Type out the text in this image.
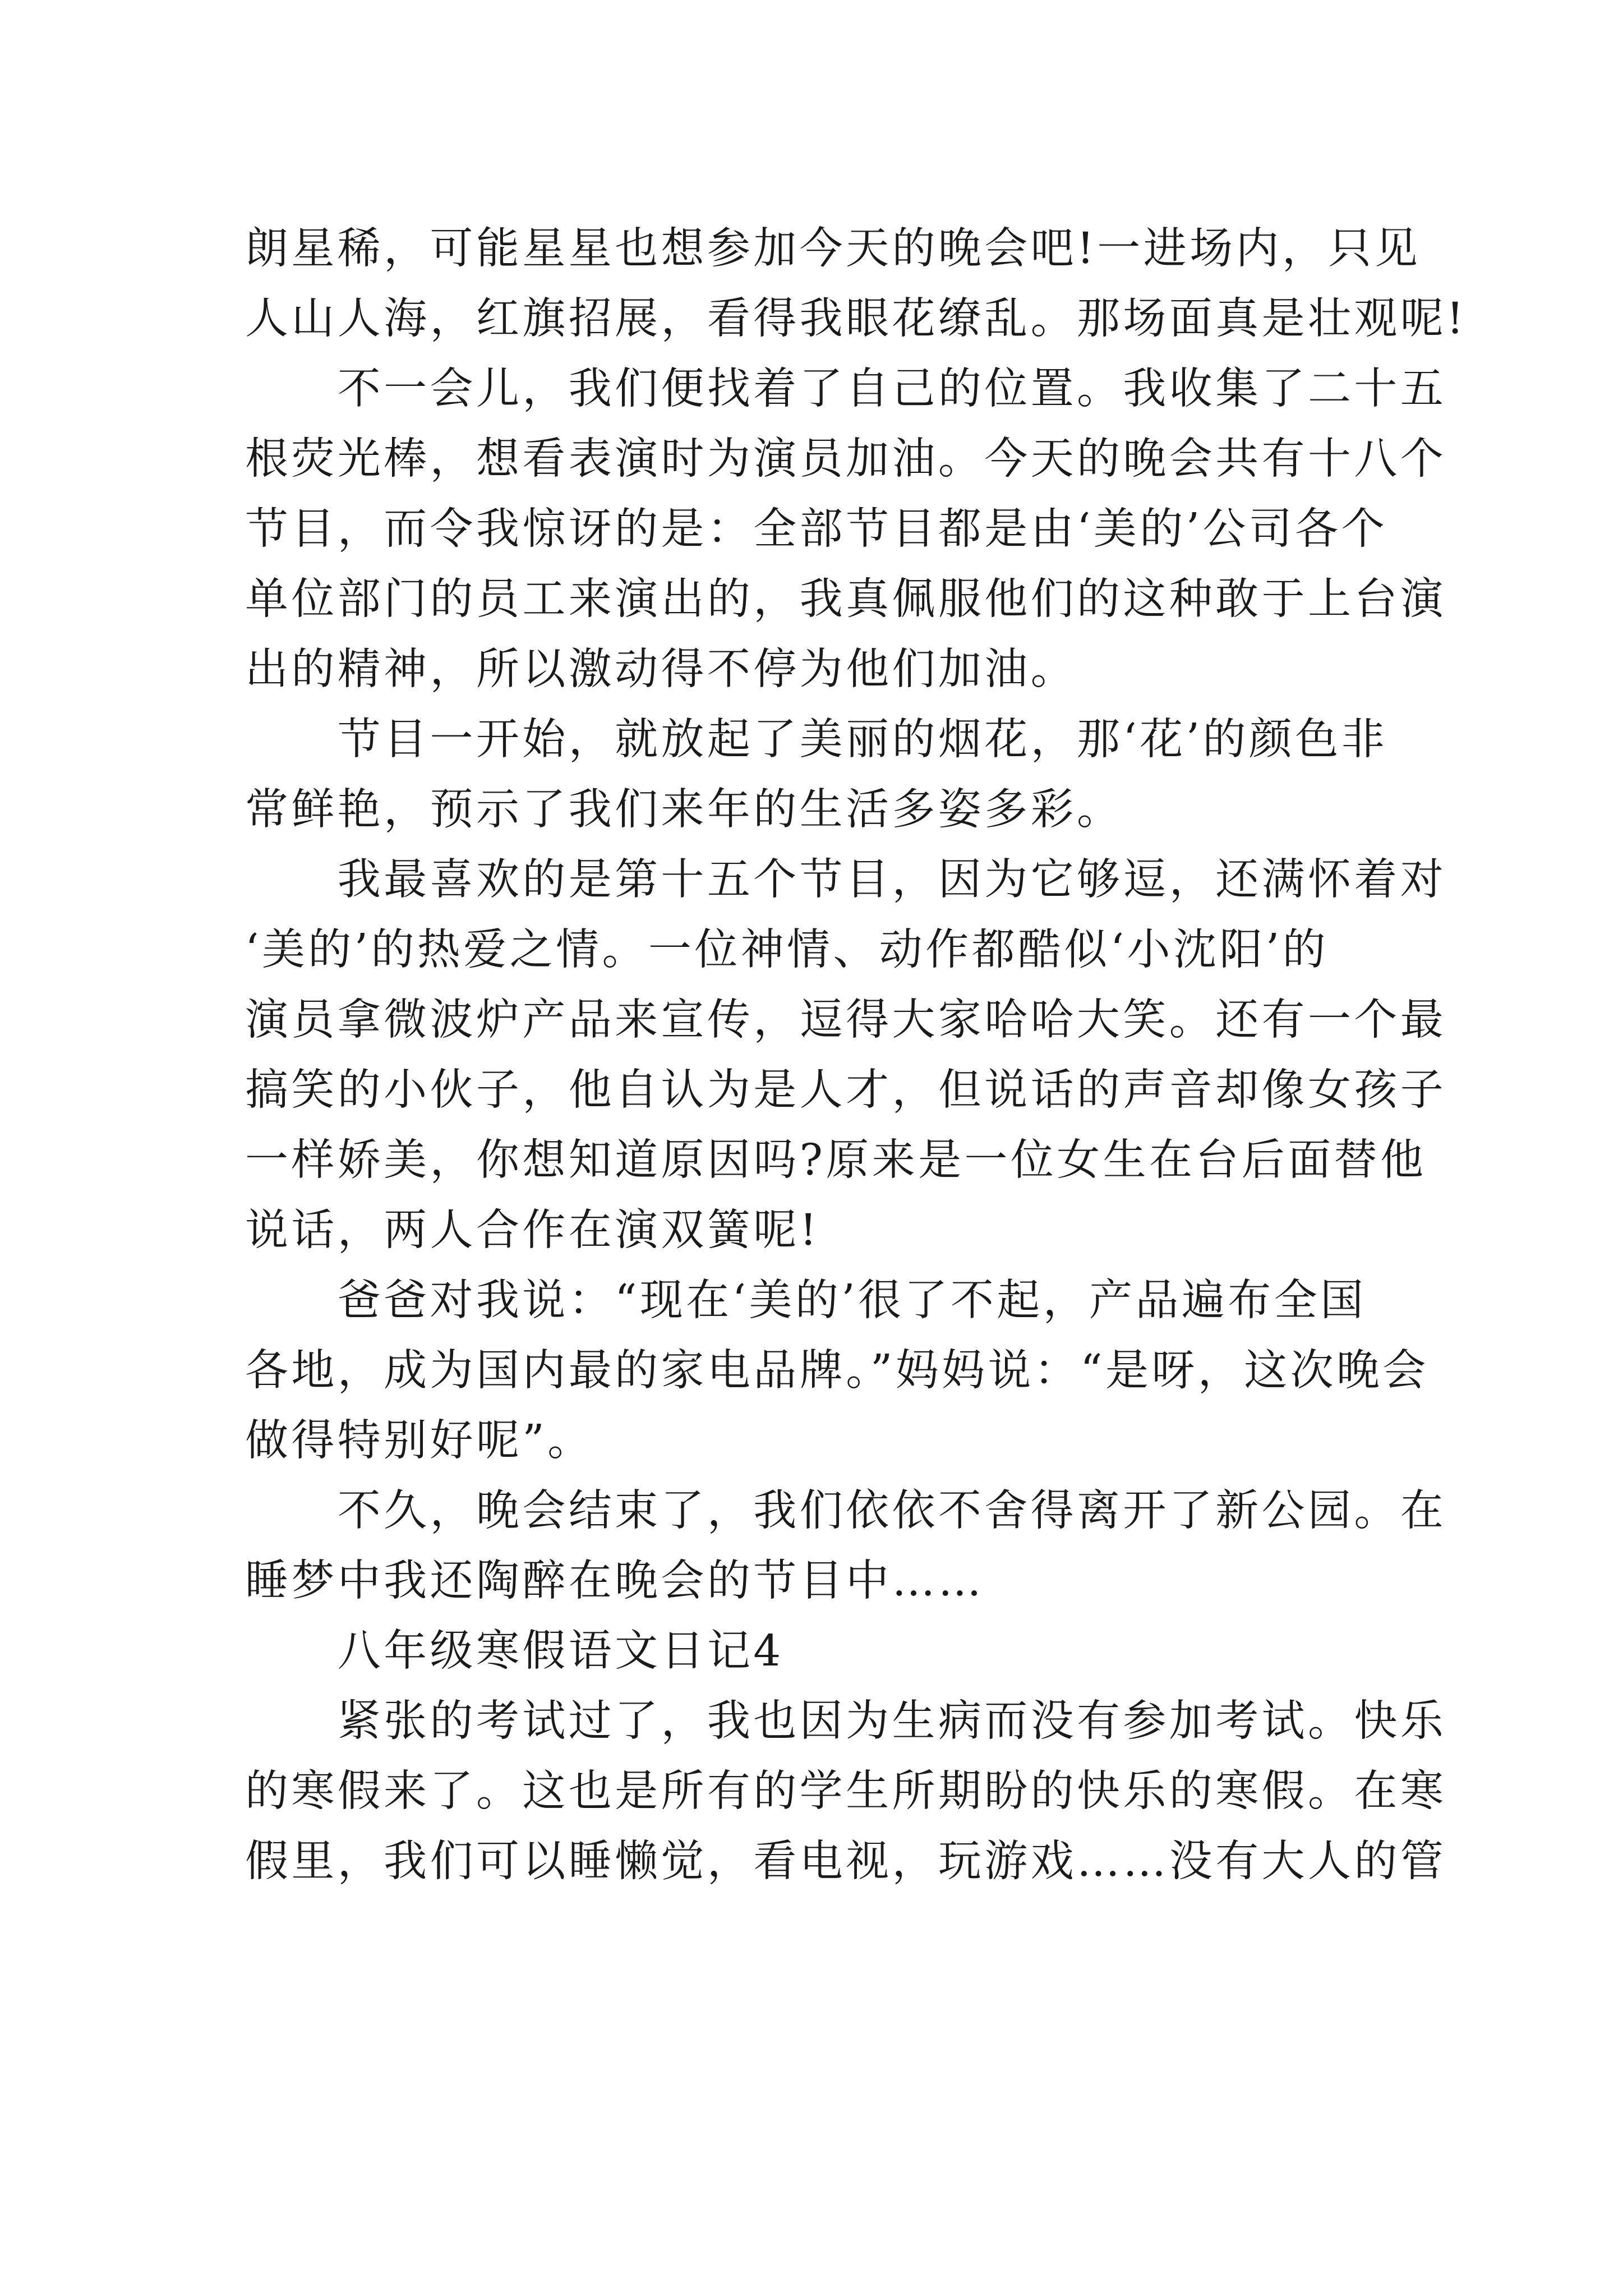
朗星稀，可能星星也想参加今天的晚会吧!一进场内，只见

人山人海，红旗招展，看得我眼花缭乱。那场面真是壮观呢!

　　不一会儿，我们便找着了自己的位置。我收集了二十五

根荧光棒，想看表演时为演员加油。今天的晚会共有十八个

节目，而令我惊讶的是：全部节目都是由‘美的’公司各个

单位部门的员工来演出的，我真佩服他们的这种敢于上台演

出的精神，所以激动得不停为他们加油。

　　节目一开始，就放起了美丽的烟花，那‘花’的颜色非

常鲜艳，预示了我们来年的生活多姿多彩。

　　我最喜欢的是第十五个节目，因为它够逗，还满怀着对

‘美的’的热爱之情。一位神情、动作都酷似‘小沈阳’的

演员拿微波炉产品来宣传，逗得大家哈哈大笑。还有一个最

搞笑的小伙子，他自认为是人才，但说话的声音却像女孩子

一样娇美，你想知道原因吗?原来是一位女生在台后面替他

说话，两人合作在演双簧呢!

　　爸爸对我说：“现在‘美的’很了不起，产品遍布全国

各地，成为国内最的家电品牌。”妈妈说：“是呀，这次晚会

做得特别好呢”。

　　不久，晚会结束了，我们依依不舍得离开了新公园。在

睡梦中我还陶醉在晚会的节目中……

　　八年级寒假语文日记4

　　紧张的考试过了，我也因为生病而没有参加考试。快乐

的寒假来了。这也是所有的学生所期盼的快乐的寒假。在寒

假里，我们可以睡懒觉，看电视，玩游戏……没有大人的管
